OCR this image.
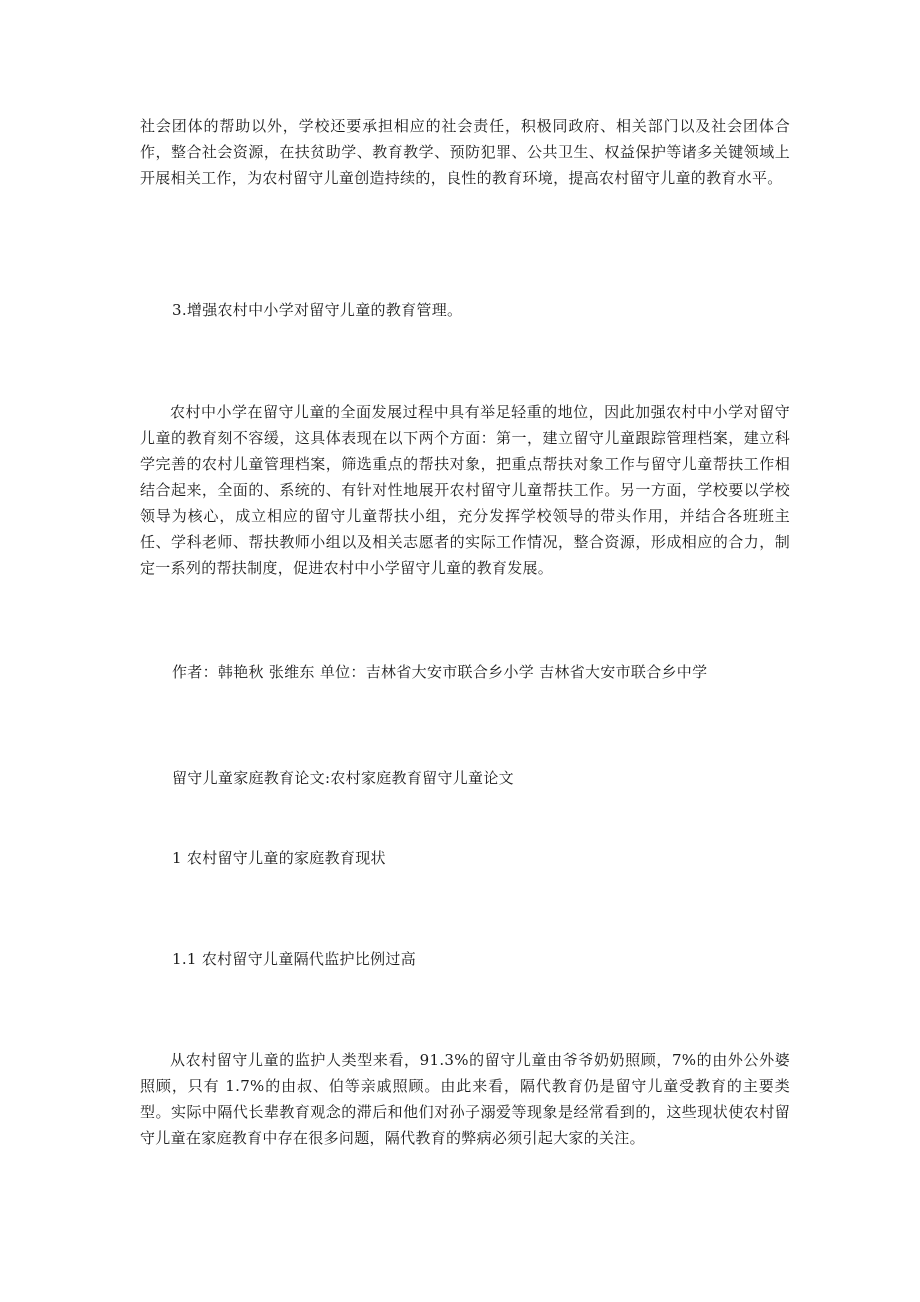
社会团体的帮助以外，学校还要承担相应的社会责任，积极同政府、相关部门以及社会团体合作，整合社会资源，在扶贫助学、教育教学、预防犯罪、公共卫生、权益保护等诸多关键领域上开展相关工作，为农村留守儿童创造持续的，良性的教育环境，提高农村留守儿童的教育水平。

3.增强农村中小学对留守儿童的教育管理。

农村中小学在留守儿童的全面发展过程中具有举足轻重的地位，因此加强农村中小学对留守儿童的教育刻不容缓，这具体表现在以下两个方面：第一，建立留守儿童跟踪管理档案，建立科学完善的农村儿童管理档案，筛选重点的帮扶对象，把重点帮扶对象工作与留守儿童帮扶工作相结合起来，全面的、系统的、有针对性地展开农村留守儿童帮扶工作。另一方面，学校要以学校领导为核心，成立相应的留守儿童帮扶小组，充分发挥学校领导的带头作用，并结合各班班主任、学科老师、帮扶教师小组以及相关志愿者的实际工作情况，整合资源，形成相应的合力，制定一系列的帮扶制度，促进农村中小学留守儿童的教育发展。

作者：韩艳秋 张维东 单位：吉林省大安市联合乡小学 吉林省大安市联合乡中学

留守儿童家庭教育论文:农村家庭教育留守儿童论文

1 农村留守儿童的家庭教育现状

1.1 农村留守儿童隔代监护比例过高

从农村留守儿童的监护人类型来看，91.3%的留守儿童由爷爷奶奶照顾，7%的由外公外婆照顾，只有 1.7%的由叔、伯等亲戚照顾。由此来看，隔代教育仍是留守儿童受教育的主要类型。实际中隔代长辈教育观念的滞后和他们对孙子溺爱等现象是经常看到的，这些现状使农村留守儿童在家庭教育中存在很多问题，隔代教育的弊病必须引起大家的关注。
